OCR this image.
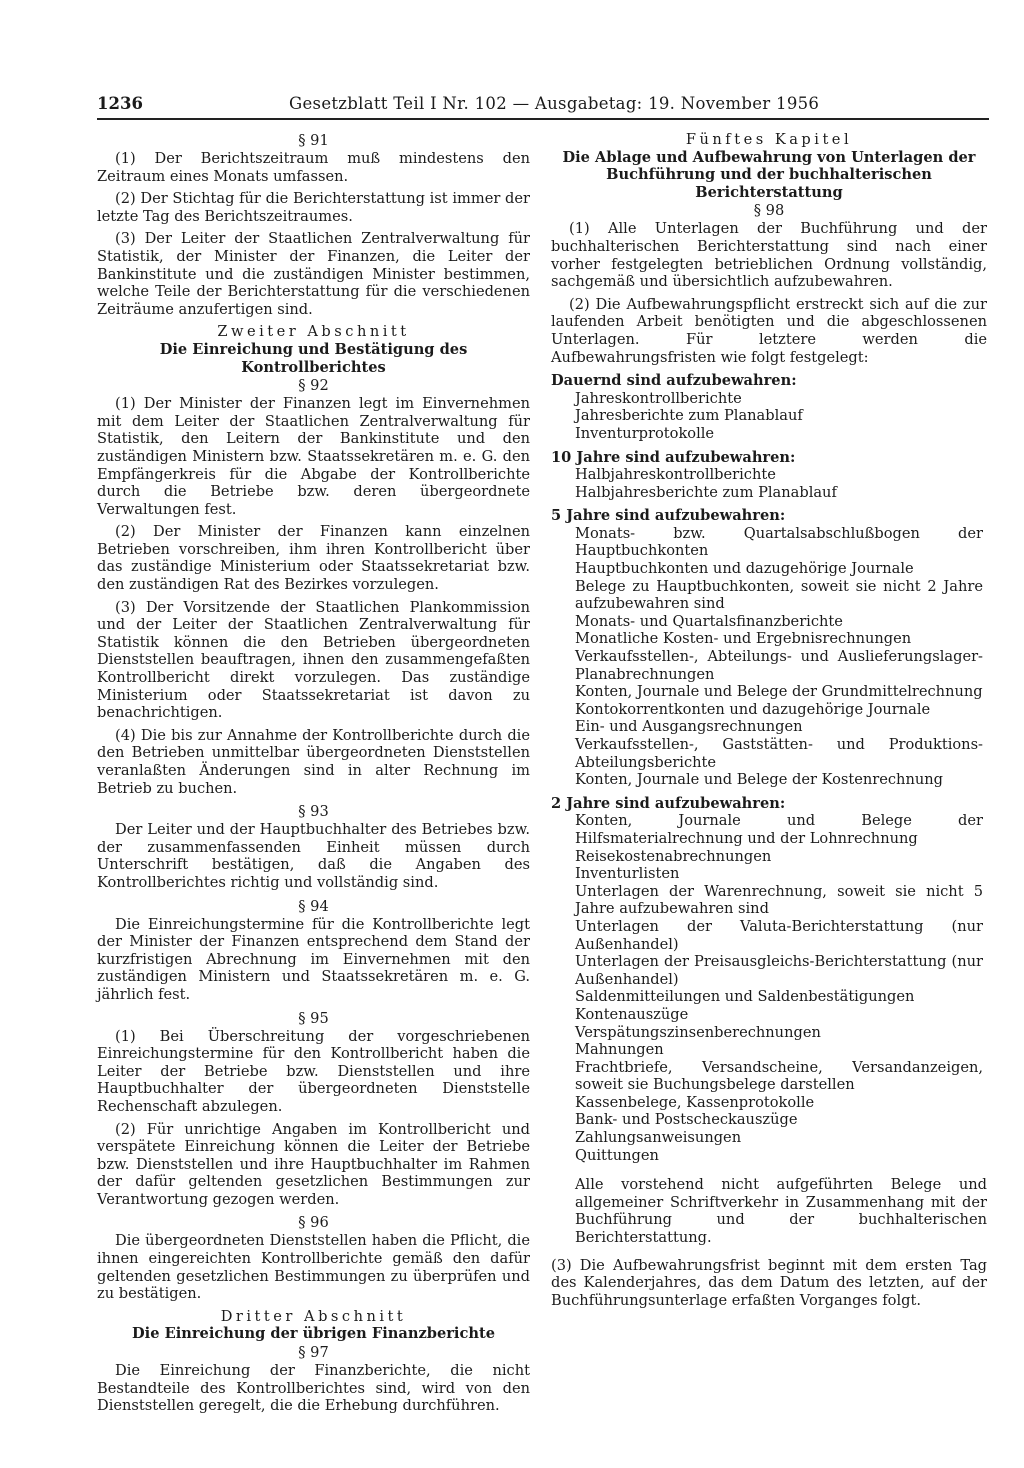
1236	Gesetzblatt Teil I Nr. 102 — Ausgabetag: 19. November 1956

§ 91

(1) Der Berichtszeitraum muß mindestens den Zeitraum eines Monats umfassen.

(2) Der Stichtag für die Berichterstattung ist immer der letzte Tag des Berichtszeitraumes.

(3) Der Leiter der Staatlichen Zentralverwaltung für Statistik, der Minister der Finanzen, die Leiter der Bankinstitute und die zuständigen Minister bestimmen, welche Teile der Berichterstattung für die verschiedenen Zeiträume anzufertigen sind.

Zweiter Abschnitt

Die Einreichung und Bestätigung des Kontrollberichtes

§ 92

(1) Der Minister der Finanzen legt im Einvernehmen mit dem Leiter der Staatlichen Zentralverwaltung für Statistik, den Leitern der Bankinstitute und den zuständigen Ministern bzw. Staatssekretären m. e. G. den Empfängerkreis für die Abgabe der Kontrollberichte durch die Betriebe bzw. deren übergeordnete Verwaltungen fest.

(2) Der Minister der Finanzen kann einzelnen Betrieben vorschreiben, ihm ihren Kontrollbericht über das zuständige Ministerium oder Staatssekretariat bzw. den zuständigen Rat des Bezirkes vorzulegen.

(3) Der Vorsitzende der Staatlichen Plankommission und der Leiter der Staatlichen Zentralverwaltung für Statistik können die den Betrieben übergeordneten Dienststellen beauftragen, ihnen den zusammengefaßten Kontrollbericht direkt vorzulegen. Das zuständige Ministerium oder Staatssekretariat ist davon zu benachrichtigen.

(4) Die bis zur Annahme der Kontrollberichte durch die den Betrieben unmittelbar übergeordneten Dienststellen veranlaßten Änderungen sind in alter Rechnung im Betrieb zu buchen.

§ 93

Der Leiter und der Hauptbuchhalter des Betriebes bzw. der zusammenfassenden Einheit müssen durch Unterschrift bestätigen, daß die Angaben des Kontrollberichtes richtig und vollständig sind.

§ 94

Die Einreichungstermine für die Kontrollberichte legt der Minister der Finanzen entsprechend dem Stand der kurzfristigen Abrechnung im Einvernehmen mit den zuständigen Ministern und Staatssekretären m. e. G. jährlich fest.

§ 95

(1) Bei Überschreitung der vorgeschriebenen Einreichungstermine für den Kontrollbericht haben die Leiter der Betriebe bzw. Dienststellen und ihre Hauptbuchhalter der übergeordneten Dienststelle Rechenschaft abzulegen.

(2) Für unrichtige Angaben im Kontrollbericht und verspätete Einreichung können die Leiter der Betriebe bzw. Dienststellen und ihre Hauptbuchhalter im Rahmen der dafür geltenden gesetzlichen Bestimmungen zur Verantwortung gezogen werden.

§ 96

Die übergeordneten Dienststellen haben die Pflicht, die ihnen eingereichten Kontrollberichte gemäß den dafür geltenden gesetzlichen Bestimmungen zu überprüfen und zu bestätigen.

Dritter Abschnitt

Die Einreichung der übrigen Finanzberichte

§ 97

Die Einreichung der Finanzberichte, die nicht Bestandteile des Kontrollberichtes sind, wird von den Dienststellen geregelt, die die Erhebung durchführen.

Fünftes Kapitel

Die Ablage und Aufbewahrung von Unterlagen der Buchführung und der buchhalterischen Berichterstattung

§ 98

(1) Alle Unterlagen der Buchführung und der buchhalterischen Berichterstattung sind nach einer vorher festgelegten betrieblichen Ordnung vollständig, sachgemäß und übersichtlich aufzubewahren.

(2) Die Aufbewahrungspflicht erstreckt sich auf die zur laufenden Arbeit benötigten und die abgeschlossenen Unterlagen. Für letztere werden die Aufbewahrungsfristen wie folgt festgelegt:

Dauernd sind aufzubewahren:

Jahreskontrollberichte

Jahresberichte zum Planablauf

Inventurprotokolle

10 Jahre sind aufzubewahren:

Halbjahreskontrollberichte

Halbjahresberichte zum Planablauf

5 Jahre sind aufzubewahren:

Monats- bzw. Quartalsabschlußbogen der Hauptbuchkonten

Hauptbuchkonten und dazugehörige Journale

Belege zu Hauptbuchkonten, soweit sie nicht 2 Jahre aufzubewahren sind

Monats- und Quartalsfinanzberichte

Monatliche Kosten- und Ergebnisrechnungen

Verkaufsstellen-, Abteilungs- und Auslieferungslager-Planabrechnungen

Konten, Journale und Belege der Grundmittelrechnung

Kontokorrentkonten und dazugehörige Journale

Ein- und Ausgangsrechnungen

Verkaufsstellen-, Gaststätten- und Produktions-Abteilungsberichte

Konten, Journale und Belege der Kostenrechnung

2 Jahre sind aufzubewahren:

Konten, Journale und Belege der Hilfsmaterialrechnung und der Lohnrechnung

Reisekostenabrechnungen

Inventurlisten

Unterlagen der Warenrechnung, soweit sie nicht 5 Jahre aufzubewahren sind

Unterlagen der Valuta-Berichterstattung (nur Außenhandel)

Unterlagen der Preisausgleichs-Berichterstattung (nur Außenhandel)

Saldenmitteilungen und Saldenbestätigungen

Kontenauszüge

Verspätungszinsenberechnungen

Mahnungen

Frachtbriefe, Versandscheine, Versandanzeigen, soweit sie Buchungsbelege darstellen

Kassenbelege, Kassenprotokolle

Bank- und Postscheckauszüge

Zahlungsanweisungen

Quittungen

Alle vorstehend nicht aufgeführten Belege und allgemeiner Schriftverkehr in Zusammenhang mit der Buchführung und der buchhalterischen Berichterstattung.

(3) Die Aufbewahrungsfrist beginnt mit dem ersten Tag des Kalenderjahres, das dem Datum des letzten, auf der Buchführungsunterlage erfaßten Vorganges folgt.
